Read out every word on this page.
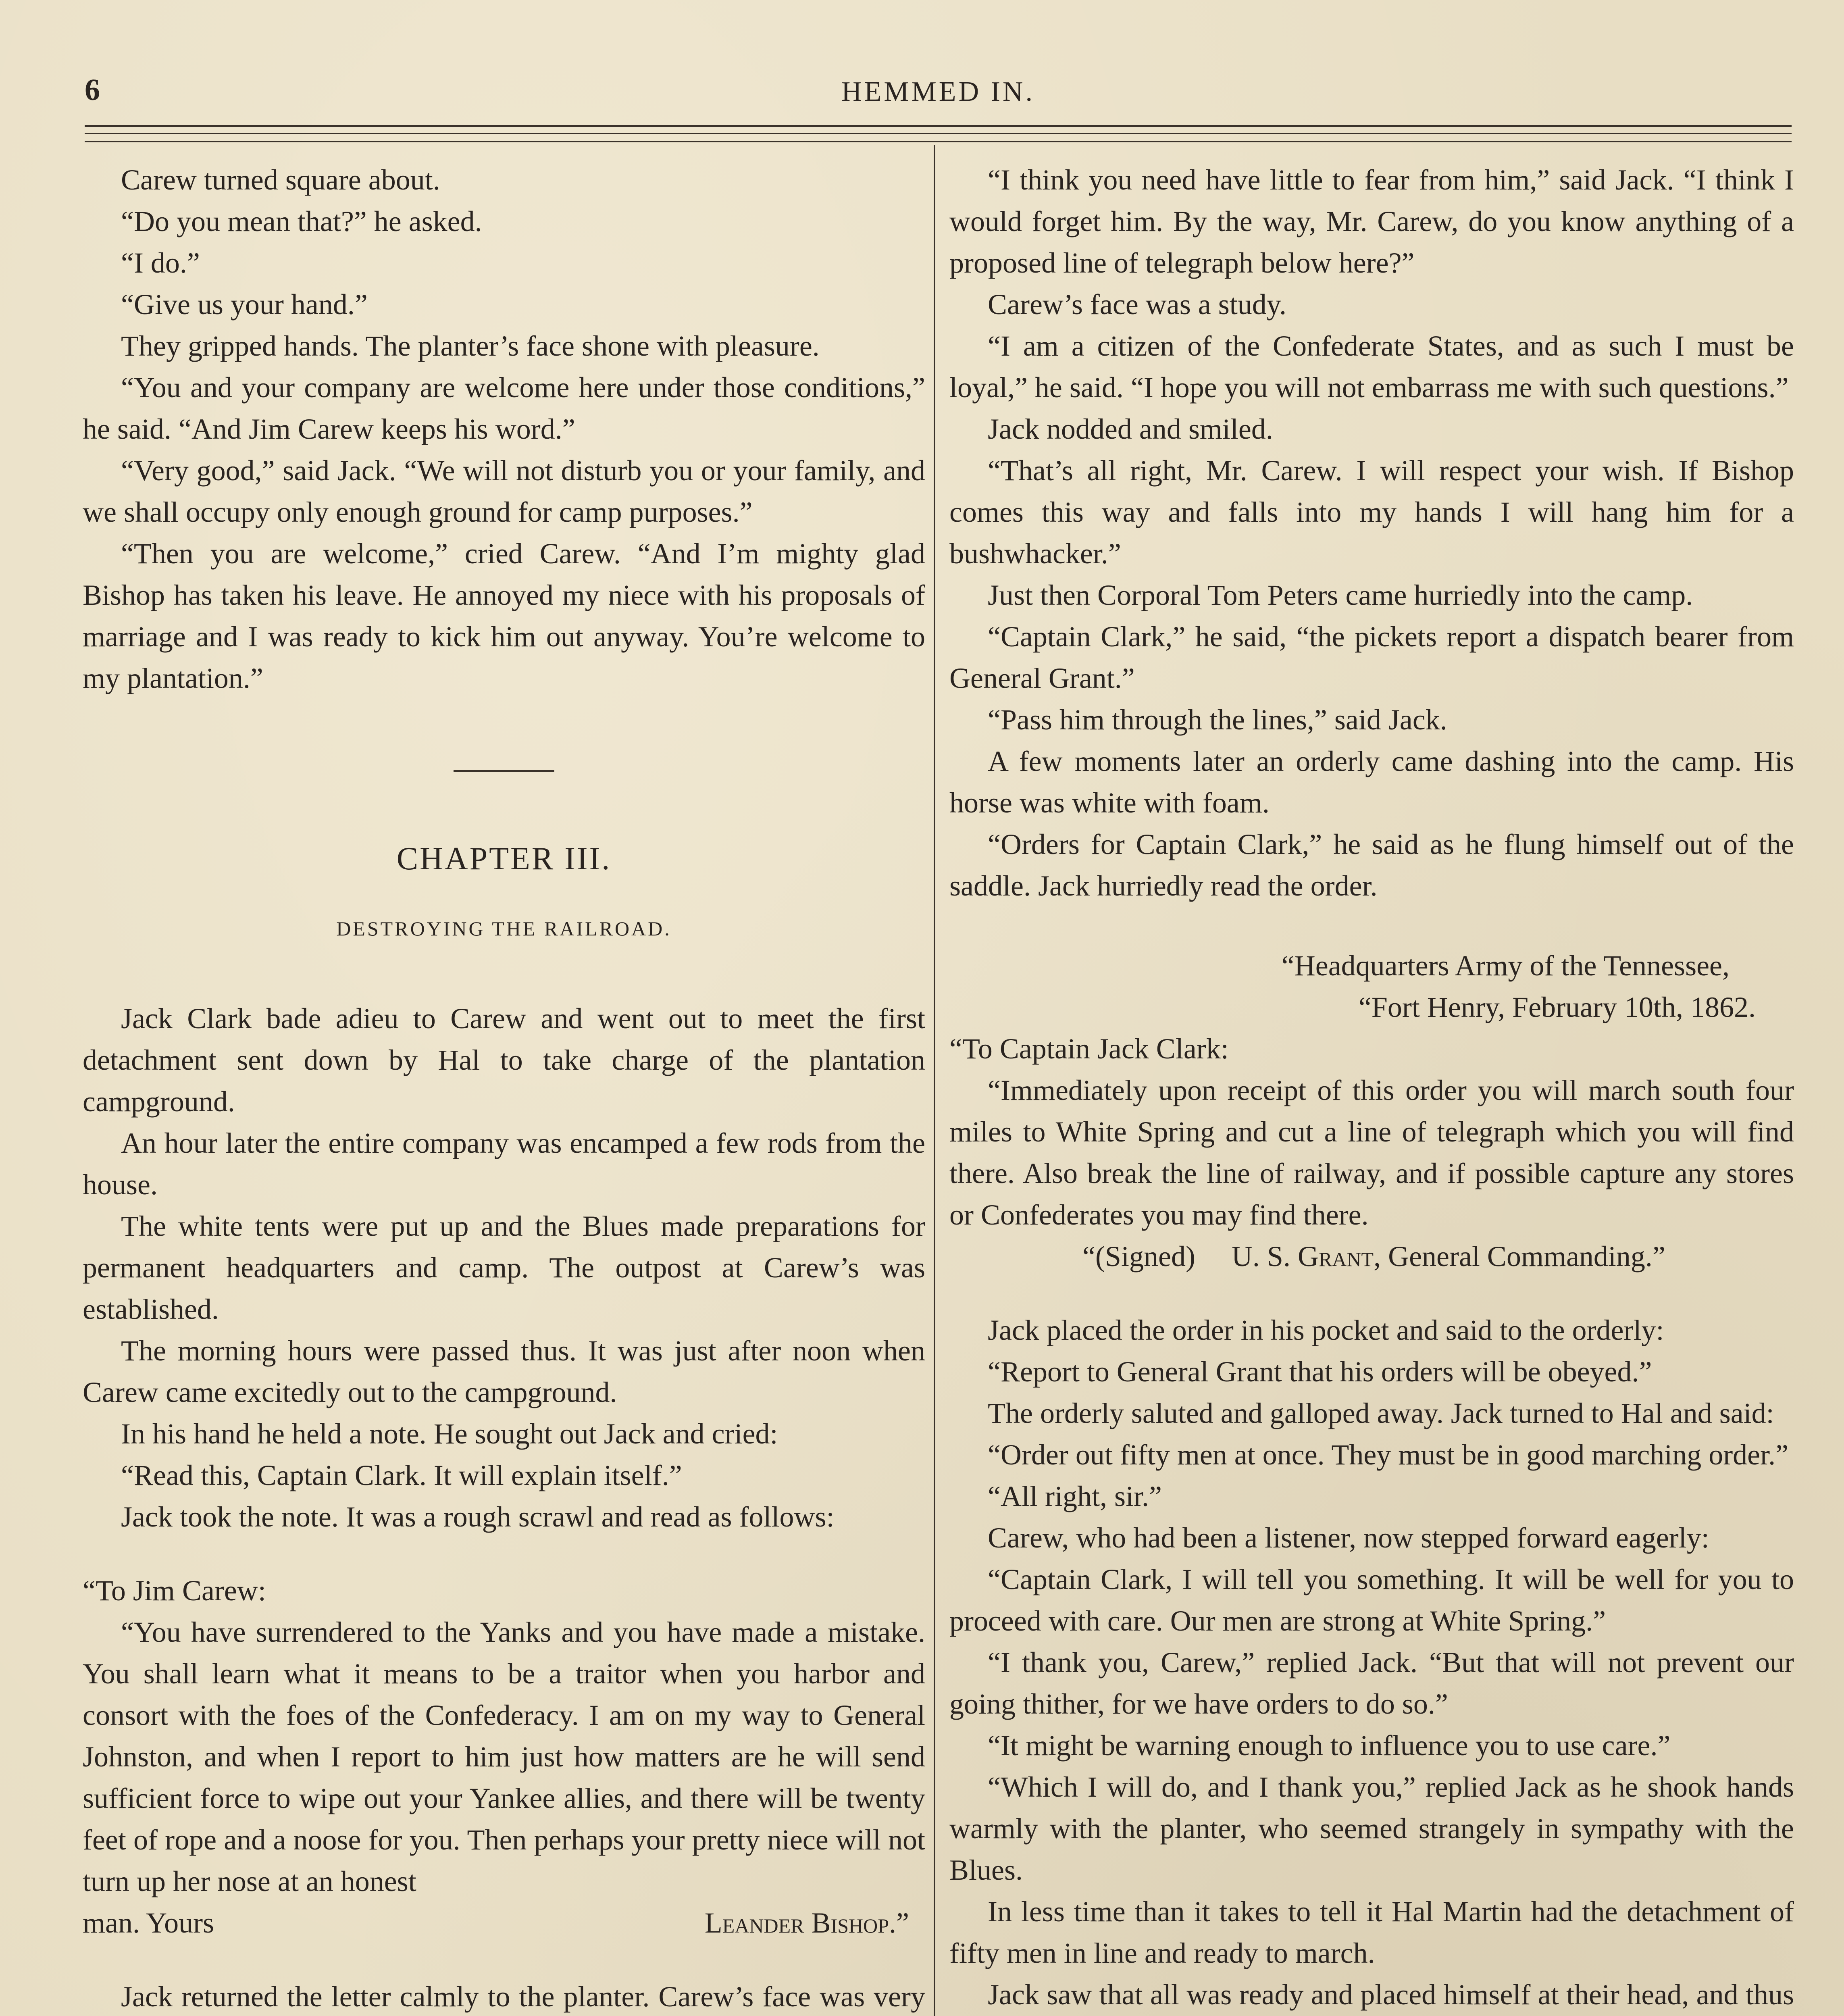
6	HEMMED IN.

Carew turned square about.

“Do you mean that?” he asked.

“I do.”

“Give us your hand.”

They gripped hands. The planter’s face shone with pleasure.

“You and your company are welcome here under those conditions,” he said. “And Jim Carew keeps his word.”

“Very good,” said Jack. “We will not disturb you or your family, and we shall occupy only enough ground for camp purposes.”

“Then you are welcome,” cried Carew. “And I’m mighty glad Bishop has taken his leave. He annoyed my niece with his proposals of marriage and I was ready to kick him out anyway. You’re welcome to my plantation.”

CHAPTER III.
DESTROYING THE RAILROAD.

Jack Clark bade adieu to Carew and went out to meet the first detachment sent down by Hal to take charge of the plantation campground.

An hour later the entire company was encamped a few rods from the house.

The white tents were put up and the Blues made preparations for permanent headquarters and camp. The outpost at Carew’s was established.

The morning hours were passed thus. It was just after noon when Carew came excitedly out to the campground.

In his hand he held a note. He sought out Jack and cried:

“Read this, Captain Clark. It will explain itself.”

Jack took the note. It was a rough scrawl and read as follows:

“To Jim Carew:

“You have surrendered to the Yanks and you have made a mistake. You shall learn what it means to be a traitor when you harbor and consort with the foes of the Confederacy. I am on my way to General Johnston, and when I report to him just how matters are he will send sufficient force to wipe out your Yankee allies, and there will be twenty feet of rope and a noose for you. Then perhaps your pretty niece will not turn up her nose at an honest

man. Yours	Leander Bishop.”

Jack returned the letter calmly to the planter. Carew’s face was very

“I think you need have little to fear from him,” said Jack. “I think I would forget him. By the way, Mr. Carew, do you know anything of a proposed line of telegraph below here?”

Carew’s face was a study.

“I am a citizen of the Confederate States, and as such I must be loyal,” he said. “I hope you will not embarrass me with such questions.”

Jack nodded and smiled.

“That’s all right, Mr. Carew. I will respect your wish. If Bishop comes this way and falls into my hands I will hang him for a bushwhacker.”

Just then Corporal Tom Peters came hurriedly into the camp.

“Captain Clark,” he said, “the pickets report a dispatch bearer from General Grant.”

“Pass him through the lines,” said Jack.

A few moments later an orderly came dashing into the camp. His horse was white with foam.

“Orders for Captain Clark,” he said as he flung himself out of the saddle. Jack hurriedly read the order.

“Headquarters Army of the Tennessee,

“Fort Henry, February 10th, 1862.

“To Captain Jack Clark:

“Immediately upon receipt of this order you will march south four miles to White Spring and cut a line of telegraph which you will find there. Also break the line of railway, and if possible capture any stores or Confederates you may find there.

“(Signed) U. S. Grant, General Commanding.”

Jack placed the order in his pocket and said to the orderly:

“Report to General Grant that his orders will be obeyed.”

The orderly saluted and galloped away. Jack turned to Hal and said:

“Order out fifty men at once. They must be in good marching order.”

“All right, sir.”

Carew, who had been a listener, now stepped forward eagerly:

“Captain Clark, I will tell you something. It will be well for you to proceed with care. Our men are strong at White Spring.”

“I thank you, Carew,” replied Jack. “But that will not prevent our going thither, for we have orders to do so.”

“It might be warning enough to influence you to use care.”

“Which I will do, and I thank you,” replied Jack as he shook hands warmly with the planter, who seemed strangely in sympathy with the Blues.

In less time than it takes to tell it Hal Martin had the detachment of fifty men in line and ready to march.

Jack saw that all was ready and placed himself at their head, and thus
